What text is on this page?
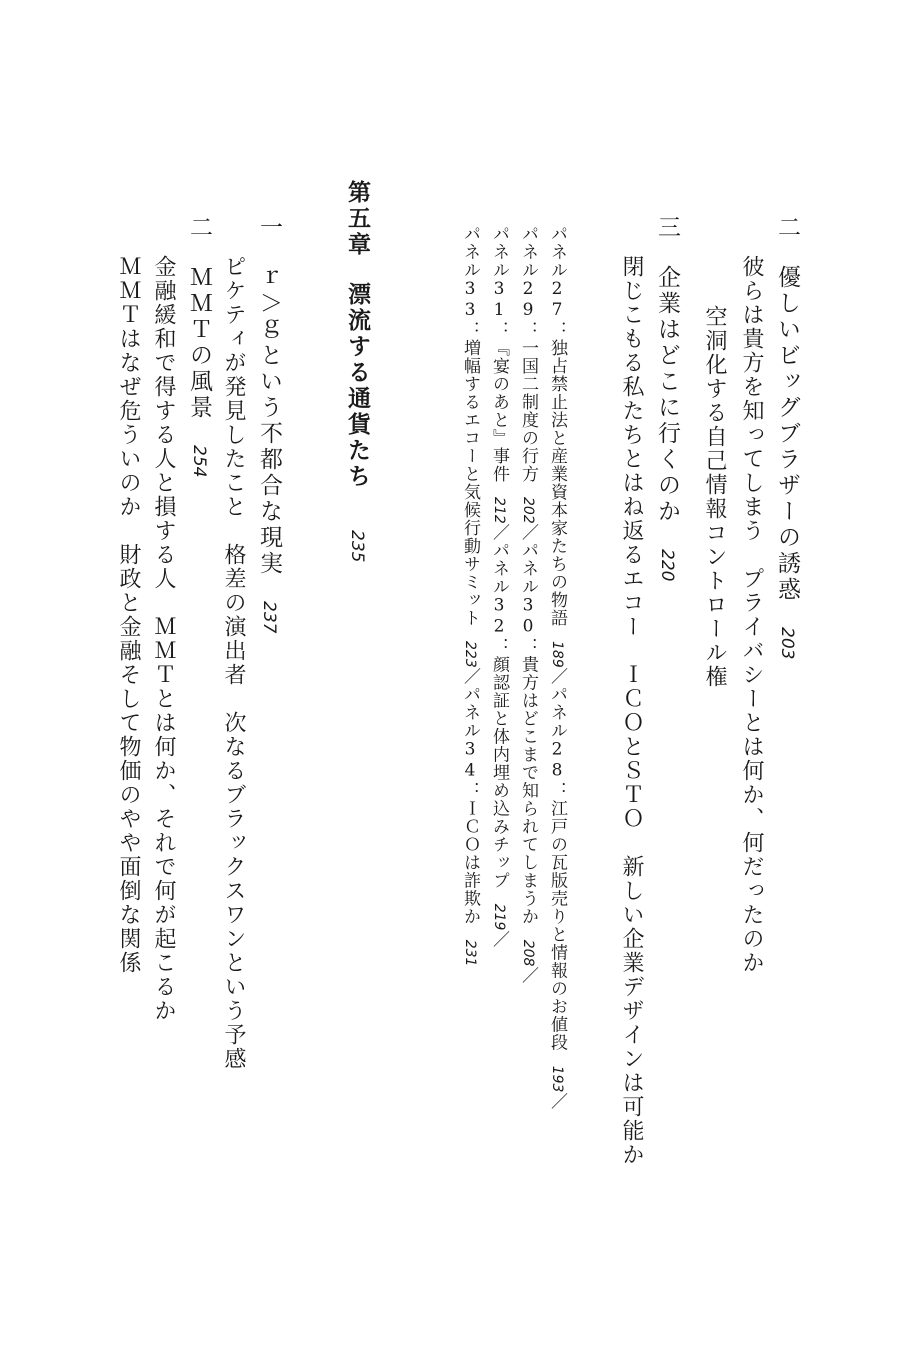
二優しいビッグブラザーの誘惑203
彼らは貴方を知ってしまうプライバシーとは何か、何だったのか
空洞化する自己情報コントロール権
三企業はどこに行くのか220
閉じこもる私たちとはね返るエコーＩＣＯとＳＴＯ新しい企業デザインは可能か
パネル27：独占禁止法と産業資本家たちの物語189／パネル28：江戸の瓦版売りと情報のお値段193／
パネル29：一国二制度の行方202／パネル30：貴方はどこまで知られてしまうか208／
パネル31：『宴のあと』事件212／パネル32：顔認証と体内埋め込みチップ219／
パネル33：増幅するエコーと気候行動サミット223／パネル34：ＩＣＯは詐欺か231
第五章漂流する通貨たち235
一ｒ＞ｇという不都合な現実237
ピケティが発見したこと格差の演出者次なるブラックスワンという予感
二ＭＭＴの風景254
金融緩和で得する人と損する人ＭＭＴとは何か、それで何が起こるか
ＭＭＴはなぜ危ういのか財政と金融そして物価のやや面倒な関係
